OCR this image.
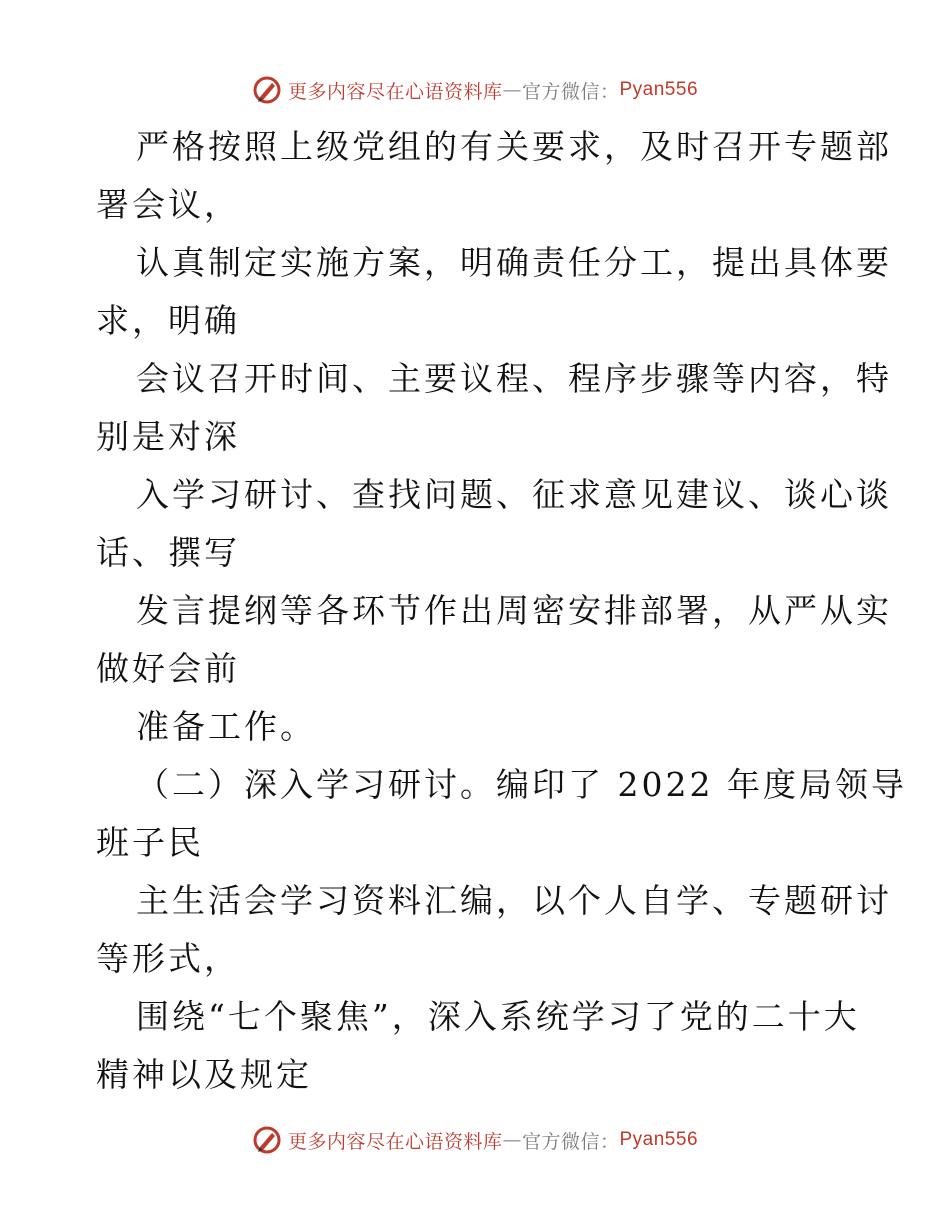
更多内容尽在心语资料库 — 官方微信： Pyan556
严格按照上级党组的有关要求，及时召开专题部
署会议，
认真制定实施方案，明确责任分工，提出具体要
求，明确
会议召开时间、主要议程、程序步骤等内容，特
别是对深
入学习研讨、查找问题、征求意见建议、谈心谈
话、撰写
发言提纲等各环节作出周密安排部署，从严从实
做好会前
准备工作。
（二）深入学习研讨。编印了 2022 年度局领导
班子民
主生活会学习资料汇编，以个人自学、专题研讨
等形式，
围绕“七个聚焦”，深入系统学习了党的二十大
精神以及规定
更多内容尽在心语资料库 — 官方微信： Pyan556
